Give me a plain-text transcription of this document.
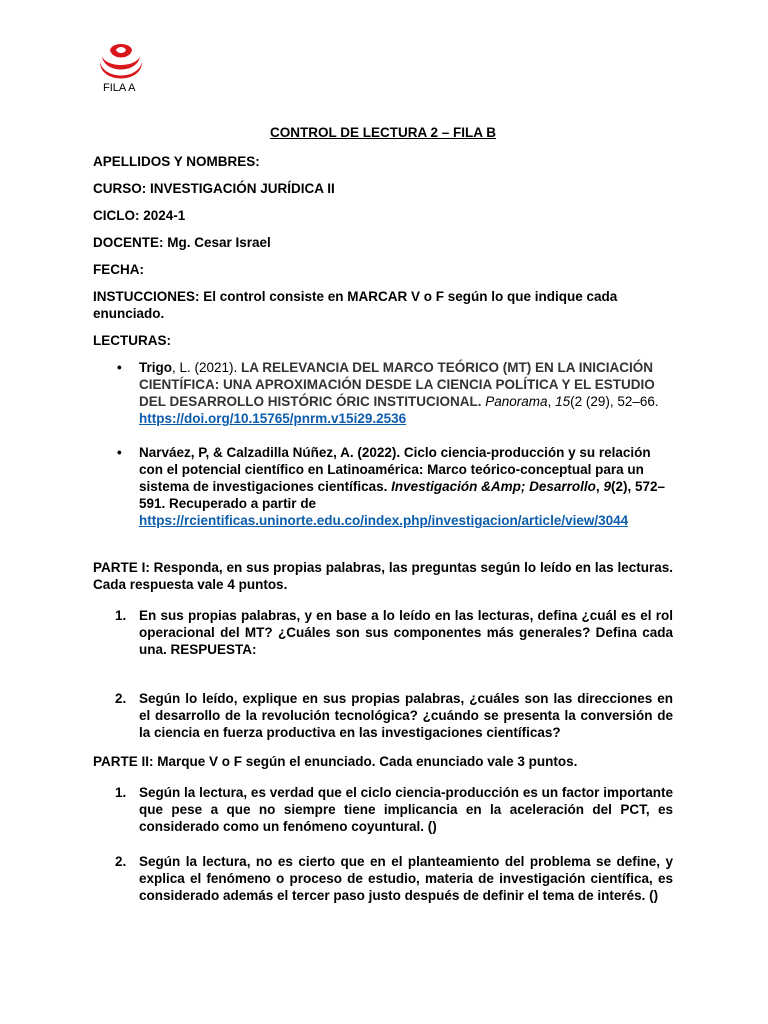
FILA A
CONTROL DE LECTURA 2 – FILA B
APELLIDOS Y NOMBRES:
CURSO: INVESTIGACIÓN JURÍDICA II
CICLO: 2024-1
DOCENTE: Mg. Cesar Israel
FECHA:
INSTUCCIONES: El control consiste en MARCAR V o F según lo que indique cada enunciado.
LECTURAS:
• Trigo, L. (2021). LA RELEVANCIA DEL MARCO TEÓRICO (MT) EN LA INICIACIÓN CIENTÍFICA: UNA APROXIMACIÓN DESDE LA CIENCIA POLÍTICA Y EL ESTUDIO DEL DESARROLLO HISTÓRIC ÓRIC INSTITUCIONAL. Panorama, 15(2 (29), 52–66. https://doi.org/10.15765/pnrm.v15i29.2536
• Narváez, P, & Calzadilla Núñez, A. (2022). Ciclo ciencia-producción y su relación con el potencial científico en Latinoamérica: Marco teórico-conceptual para un sistema de investigaciones científicas. Investigación &Amp; Desarrollo, 9(2), 572–591. Recuperado a partir de https://rcientificas.uninorte.edu.co/index.php/investigacion/article/view/3044
PARTE I: Responda, en sus propias palabras, las preguntas según lo leído en las lecturas. Cada respuesta vale 4 puntos.
1. En sus propias palabras, y en base a lo leído en las lecturas, defina ¿cuál es el rol operacional del MT? ¿Cuáles son sus componentes más generales? Defina cada una. RESPUESTA:
2. Según lo leído, explique en sus propias palabras, ¿cuáles son las direcciones en el desarrollo de la revolución tecnológica? ¿cuándo se presenta la conversión de la ciencia en fuerza productiva en las investigaciones científicas?
PARTE II: Marque V o F según el enunciado. Cada enunciado vale 3 puntos.
1. Según la lectura, es verdad que el ciclo ciencia-producción es un factor importante que pese a que no siempre tiene implicancia en la aceleración del PCT, es considerado como un fenómeno coyuntural. ()
2. Según la lectura, no es cierto que en el planteamiento del problema se define, y explica el fenómeno o proceso de estudio, materia de investigación científica, es considerado además el tercer paso justo después de definir el tema de interés. ()
